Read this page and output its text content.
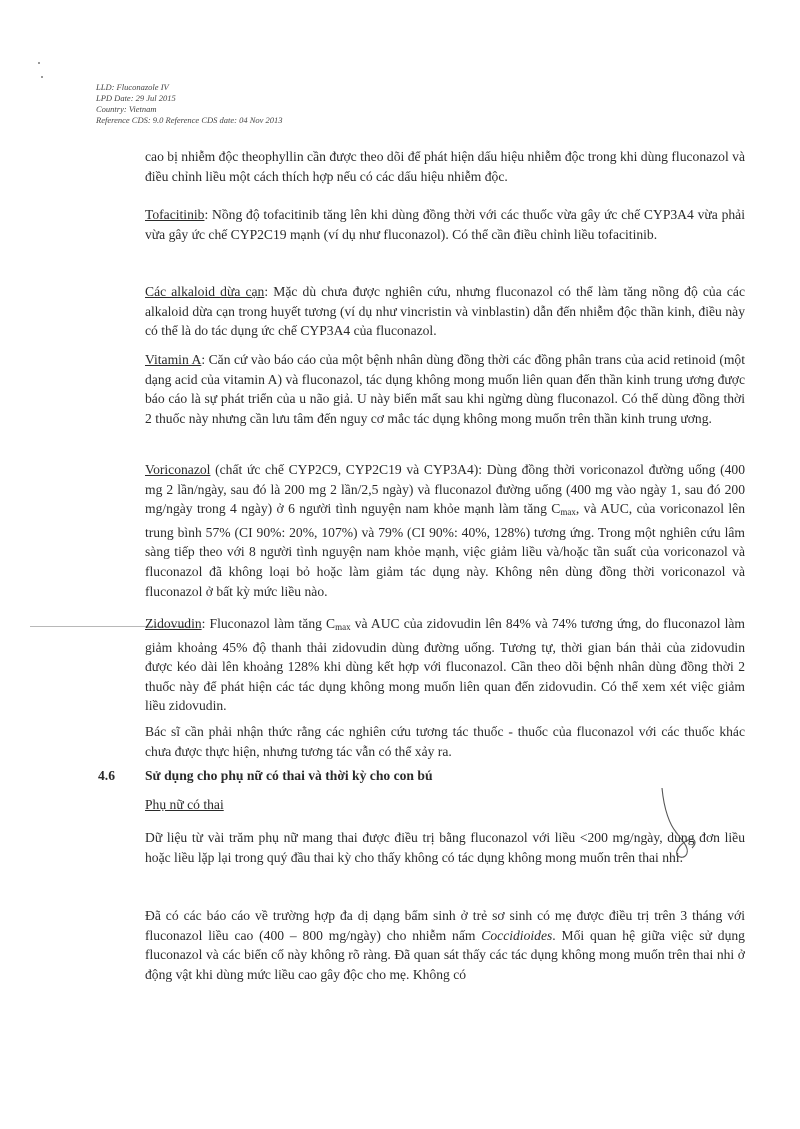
LLD: Fluconazole IV
LPD Date: 29 Jul 2015
Country: Vietnam
Reference CDS: 9.0 Reference CDS date: 04 Nov 2013

cao bị nhiễm độc theophyllin cần được theo dõi để phát hiện dấu hiệu nhiễm độc trong khi dùng fluconazol và điều chỉnh liều một cách thích hợp nếu có các dấu hiệu nhiễm độc.

Tofacitinib: Nồng độ tofacitinib tăng lên khi dùng đồng thời với các thuốc vừa gây ức chế CYP3A4 vừa phải vừa gây ức chế CYP2C19 mạnh (ví dụ như fluconazol). Có thể cần điều chỉnh liều tofacitinib.

Các alkaloid dừa cạn: Mặc dù chưa được nghiên cứu, nhưng fluconazol có thể làm tăng nồng độ của các alkaloid dừa cạn trong huyết tương (ví dụ như vincristin và vinblastin) dẫn đến nhiễm độc thần kinh, điều này có thể là do tác dụng ức chế CYP3A4 của fluconazol.

Vitamin A: Căn cứ vào báo cáo của một bệnh nhân dùng đồng thời các đồng phân trans của acid retinoid (một dạng acid của vitamin A) và fluconazol, tác dụng không mong muốn liên quan đến thần kinh trung ương được báo cáo là sự phát triển của u não giả. U này biến mất sau khi ngừng dùng fluconazol. Có thể dùng đồng thời 2 thuốc này nhưng cần lưu tâm đến nguy cơ mắc tác dụng không mong muốn trên thần kinh trung ương.

Voriconazol (chất ức chế CYP2C9, CYP2C19 và CYP3A4): Dùng đồng thời voriconazol đường uống (400 mg 2 lần/ngày, sau đó là 200 mg 2 lần/2,5 ngày) và fluconazol đường uống (400 mg vào ngày 1, sau đó 200 mg/ngày trong 4 ngày) ở 6 người tình nguyện nam khỏe mạnh làm tăng $C_{max}$, và AUC, của voriconazol lên trung bình 57% (CI 90%: 20%, 107%) và 79% (CI 90%: 40%, 128%) tương ứng. Trong một nghiên cứu lâm sàng tiếp theo với 8 người tình nguyện nam khỏe mạnh, việc giảm liều và/hoặc tần suất của voriconazol và fluconazol đã không loại bỏ hoặc làm giảm tác dụng này. Không nên dùng đồng thời voriconazol và fluconazol ở bất kỳ mức liều nào.

Zidovudin: Fluconazol làm tăng $C_{max}$ và AUC của zidovudin lên 84% và 74% tương ứng, do fluconazol làm giảm khoảng 45% độ thanh thải zidovudin dùng đường uống. Tương tự, thời gian bán thải của zidovudin được kéo dài lên khoảng 128% khi dùng kết hợp với fluconazol. Cần theo dõi bệnh nhân dùng đồng thời 2 thuốc này để phát hiện các tác dụng không mong muốn liên quan đến zidovudin. Có thể xem xét việc giảm liều zidovudin.

Bác sĩ cần phải nhận thức rằng các nghiên cứu tương tác thuốc - thuốc của fluconazol với các thuốc khác chưa được thực hiện, nhưng tương tác vẫn có thể xảy ra.

4.6 Sử dụng cho phụ nữ có thai và thời kỳ cho con bú
Phụ nữ có thai

Dữ liệu từ vài trăm phụ nữ mang thai được điều trị bằng fluconazol với liều <200 mg/ngày, dùng đơn liều hoặc liều lặp lại trong quý đầu thai kỳ cho thấy không có tác dụng không mong muốn trên thai nhi.

Đã có các báo cáo về trường hợp đa dị dạng bẩm sinh ở trẻ sơ sinh có mẹ được điều trị trên 3 tháng với fluconazol liều cao (400 – 800 mg/ngày) cho nhiễm nấm Coccidioides. Mối quan hệ giữa việc sử dụng fluconazol và các biến cố này không rõ ràng. Đã quan sát thấy các tác dụng không mong muốn trên thai nhi ở động vật khi dùng mức liều cao gây độc cho mẹ. Không có
